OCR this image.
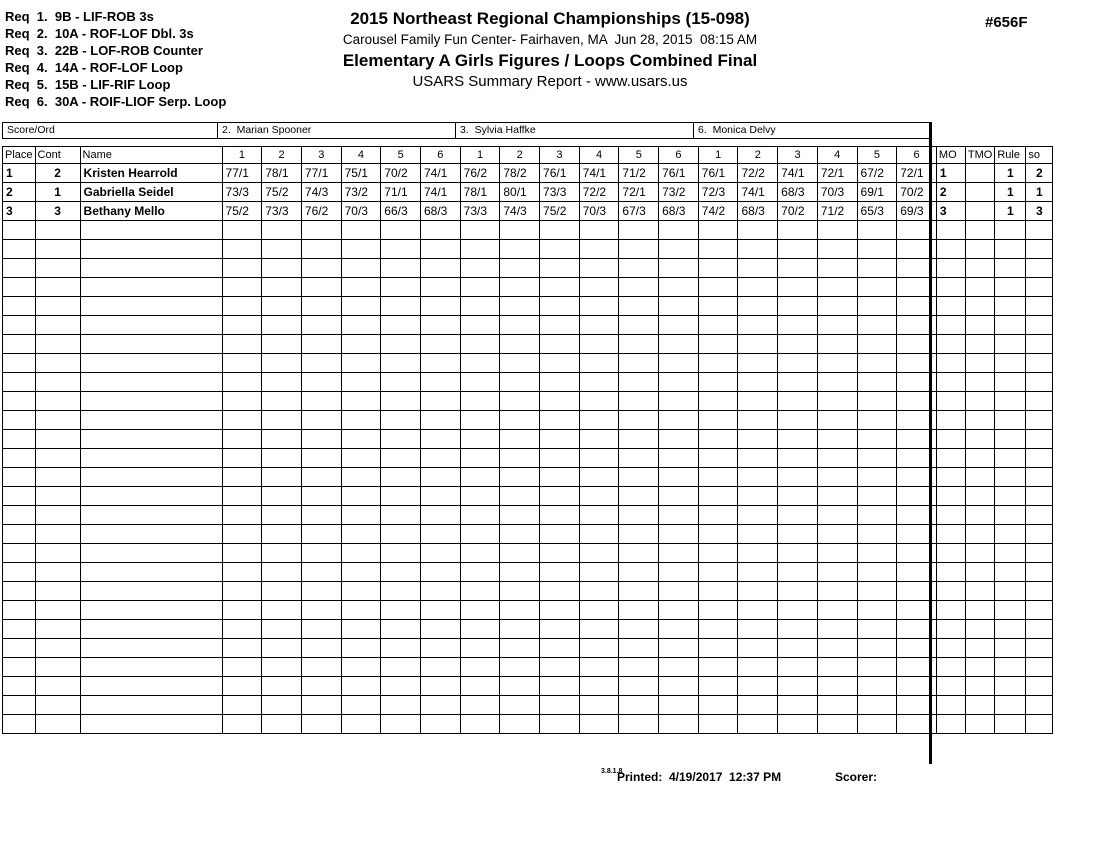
Req  1.  9B - LIF-ROB 3s
Req  2.  10A - ROF-LOF Dbl. 3s
Req  3.  22B - LOF-ROB Counter
Req  4.  14A - ROF-LOF Loop
Req  5.  15B - LIF-RIF Loop
Req  6.  30A - ROIF-LIOF Serp. Loop
2015 Northeast Regional Championships (15-098)
Carousel Family Fun Center- Fairhaven, MA  Jun 28, 2015  08:15 AM
Elementary A Girls Figures / Loops Combined Final
USARS Summary Report - www.usars.us
#656F
Score/Ord	2.  Marian Spooner	3.  Sylvia Haffke	6.  Monica Delvy
Place	Cont	Name	1	2	3	4	5	6	1	2	3	4	5	6	1	2	3	4	5	6	MO	TMO	Rule	so
1	2	Kristen Hearrold	77/1	78/1	77/1	75/1	70/2	74/1	76/2	78/2	76/1	74/1	71/2	76/1	76/1	72/2	74/1	72/1	67/2	72/1	1		1	2
2	1	Gabriella Seidel	73/3	75/2	74/3	73/2	71/1	74/1	78/1	80/1	73/3	72/2	72/1	73/2	72/3	74/1	68/3	70/3	69/1	70/2	2		1	1
3	3	Bethany Mello	75/2	73/3	76/2	70/3	66/3	68/3	73/3	74/3	75/2	70/3	67/3	68/3	74/2	68/3	70/2	71/2	65/3	69/3	3		1	3

3.8.1.8
Printed:  4/19/2017  12:37 PM	Scorer:
